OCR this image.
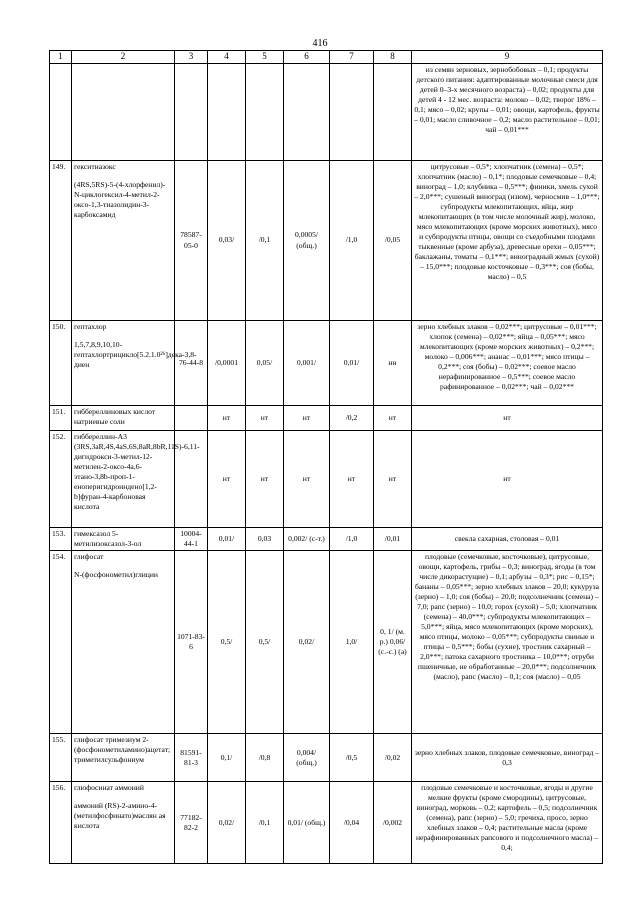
416
1	2	3	4	5	6	7	8	9

							из семян зерновых, зернобобовых – 0,1; продукты детского питания: адаптированные молочные смеси для детей 0–3-х месячного возраста) – 0,02; продукты для детей 4 - 12 мес. возраста: молоко – 0,02; творог 18% – 0,1; мясо – 0,02; крупы – 0,01; овощи, картофель, фрукты – 0,01; масло сливочное – 0,2; масло растительное – 0,01; чай – 0,01***
149.	гекситиазокс
(4RS,5RS)-5-(4-хлорфенил)-N-циклогексил-4-метил-2-оксо-1,3-тиазолидин-3-карбоксамид	78587-05-0	0,03/	/0,1	0,0005/ (общ.)	/1,0	/0,05	цитрусовые – 0,5*; хлопчатник (семена) – 0,5*; хлопчатник (масло) – 0,1*; плодовые семечковые – 0,4; виноград – 1,0; клубника – 0,5***; финики, хмель сухой – 2,0***; сушеный виноград (изюм), черносмив – 1,0***; субпродукты млекопитающих, яйца, жир млекопитающих (в том числе молочный жир), молоко, мясо млекопитающих (кроме морских животных), мясо и субпродукты птицы, овощи со съедобными плодами тыквенные (кроме арбуза), древесные орехи – 0,05***; баклажаны, томаты – 0,1***; виноградный жмых (сухой) – 15,0***; плодовые косточковые – 0,3***; соя (бобы, масло) – 0,5
150.	гептахлор
1,5,7,8,9,10,10-гептахлортрицикло[5.2.1.0²⁶]дека-3,8-диен	76-44-8	/0,0001	0,05/	0,001/	0,01/	нн	зерно хлебных злаков – 0,02***; цитрусовые – 0,01***; хлопок (семена) – 0,02***; яйца – 0,05***; мясо млекопитающих (кроме морских животных) – 0,2***; молоко – 0,006***; ананас – 0,01***; мясо птицы – 0,2***; соя (бобы) – 0,02***; соевое масло нерафинированное – 0,5***; соевое масло рафинированное – 0,02***; чай – 0,02***
151.	гиббереллиновых кислот натриевые соли		нт	нт	нт	/0,2	нт	нт
152.	гиббереллин-А3 (3RS,3aR,4S,4aS,6S,8aR,8bR,11S)-6,11-дигидрокси-3-метил-12-метилен-2-оксо-4a,6-этано-3,8b-проп-1-еноперигидроиндено[1,2-b]фуран-4-карбоновая кислота		нт	нт	нт	нт	нт	нт
153.	гимексазол 5-метилизоксазол-3-ол	10004-44-1	0,01/	0,03	0,002/ (с-т.)	/1,0	/0,01	свекла сахарная, столовая – 0,01
154.	глифосат
N-(фосфонометил)глицин	1071-83-6	0,5/	0,5/	0,02/	1,0/	0, 1/ (м. р.) 0,06/ (с.-с.) (а)	плодовые (семечковые, косточковые), цитрусовые, овощи, картофель, грибы – 0,3; виноград, ягоды (в том числе дикорастущие) – 0,1; арбузы – 0,3*; рис – 0,15*; бананы – 0,05***; зерно хлебных злаков – 20,0; кукуруза (зерно) – 1,0; соя (бобы) – 20,0; подсолнечник (семена) – 7,0; рапс (зерно) – 10,0; горох (сухой) – 5,0; хлопчатник (семена) – 40,0***; субпродукты млекопитающих – 5,0***; яйца, мясо млекопитающих (кроме морских), мясо птицы, молоко – 0,05***; субпродукты свиные и птицы – 0,5***; бобы (сухие), тростник сахарный – 2,0***; патока сахарного тростника – 10,0***; отруби пшеничные, не обработанные – 20,0***; подсолнечник (масло), рапс (масло) – 0,1; соя (масло) – 0,05
155.	глифосат тримезиум 2-(фосфонометиламино)ацетат; триметилсульфониум	81591-81-3	0,1/	/0,8	0,004/ (общ.)	/0,5	/0,02	зерно хлебных злаков, плодовые семечковые, виноград – 0,3
156.	глюфосинат аммоний
аммоний (RS)-2-амино-4-(метилфосфинато)маслян ая кислота	77182-82-2	0,02/	/0,1	0,01/ (общ.)	/0,04	/0,002	плодовые семечковые и косточковые, ягоды и другие мелкие фрукты (кроме смородины), цитрусовые, виноград, морковь – 0,2; картофель – 0,5; подсолнечник (семена), рапс (зерно) – 5,0; гречиха, просо, зерно хлебных злаков – 0,4; растительные масла (кроме нерафинированных рапсового и подсолнечного масла) – 0,4;
